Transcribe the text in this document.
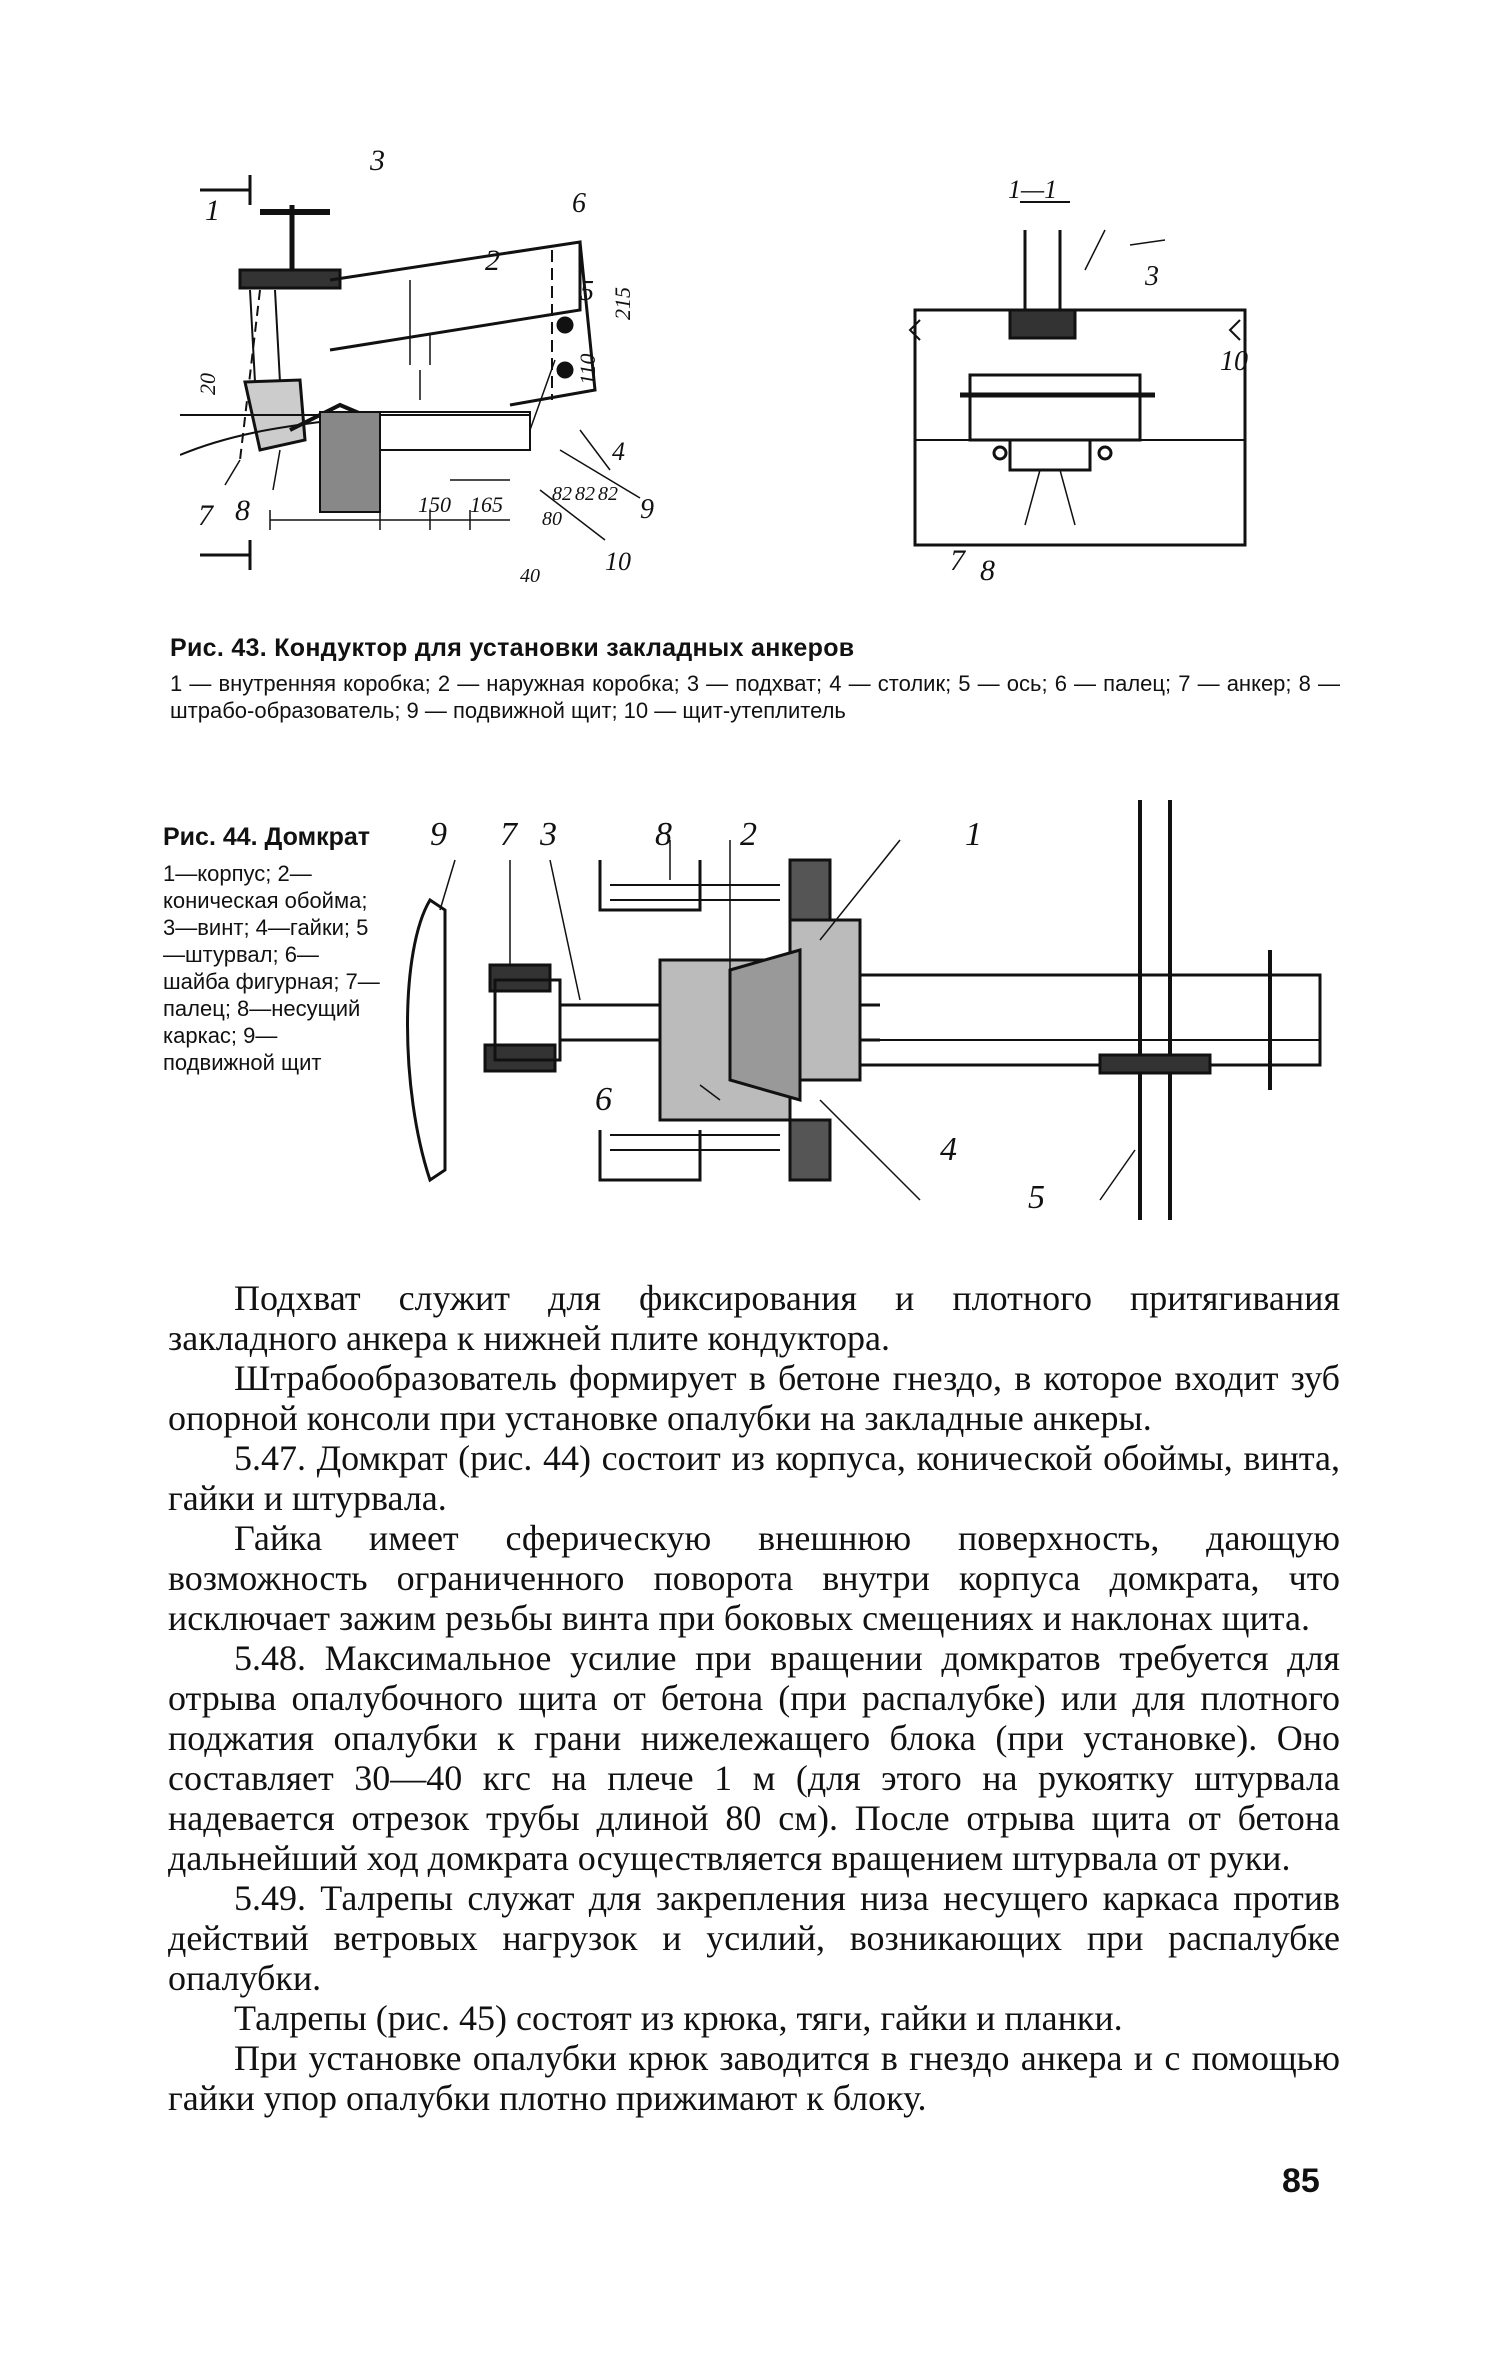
1
2
3
4
5
6
7 8	9
10
20
215
110
82 82 82
150 165
80
40
1—1
3
10
7 8
Рис. 43. Кондуктор для установки закладных анкеров
1 — внутренняя коробка; 2 — наружная коробка; 3 — подхват; 4 — столик; 5 — ось; 6 — палец; 7 — анкер; 8 — штрабо-образователь; 9 — подвижной щит; 10 — щит-утеплитель
Рис. 44. Домкрат
1—корпус; 2—коническая обойма; 3—винт; 4—гайки; 5—штурвал; 6—шайба фигурная; 7—палец; 8—несущий каркас; 9—подвижной щит
9 7 3	8 2	1
6
4
5

Подхват служит для фиксирования и плотного притягивания закладного анкера к нижней плите кондуктора.

Штрабообразователь формирует в бетоне гнездо, в которое входит зуб опорной консоли при установке опалубки на закладные анкеры.

5.47. Домкрат (рис. 44) состоит из корпуса, конической обоймы, винта, гайки и штурвала.

Гайка имеет сферическую внешнюю поверхность, дающую возможность ограниченного поворота внутри корпуса домкрата, что исключает зажим резьбы винта при боковых смещениях и наклонах щита.

5.48. Максимальное усилие при вращении домкратов требуется для отрыва опалубочного щита от бетона (при распалубке) или для плотного поджатия опалубки к грани нижележащего блока (при установке). Оно составляет 30—40 кгс на плече 1 м (для этого на рукоятку штурвала надевается отрезок трубы длиной 80 см). После отрыва щита от бетона дальнейший ход домкрата осуществляется вращением штурвала от руки.

5.49. Талрепы служат для закрепления низа несущего каркаса против действий ветровых нагрузок и усилий, возникающих при распалубке опалубки.

Талрепы (рис. 45) состоят из крюка, тяги, гайки и планки.

При установке опалубки крюк заводится в гнездо анкера и с помощью гайки упор опалубки плотно прижимают к блоку.

85
